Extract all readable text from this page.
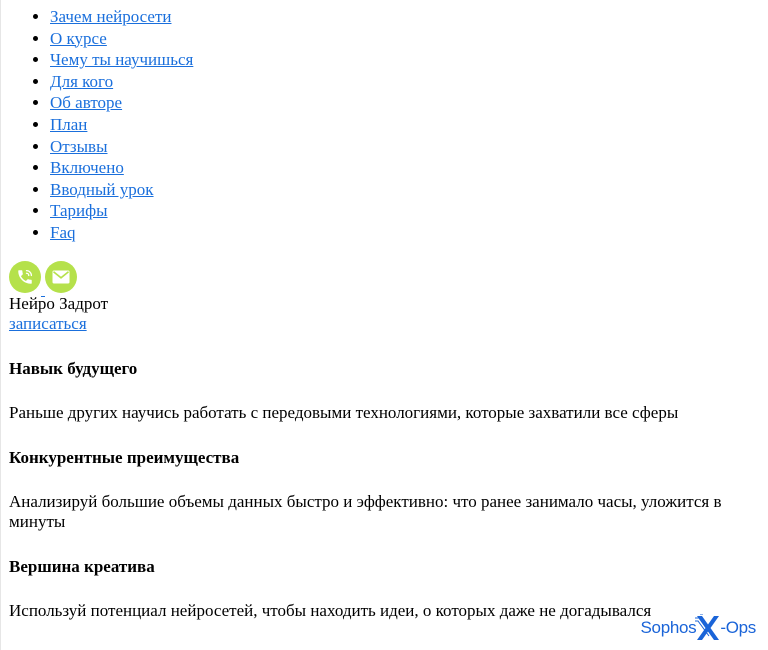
• Зачем нейросети
• О курсе
• Чему ты научишься
• Для кого
• Об авторе
• План
• Отзывы
• Включено
• Вводный урок
• Тарифы
• Faq
Нейро Задрот
записаться
Навык будущего

Раньше других научись работать с передовыми технологиями, которые захватили все сферы

Конкурентные преимущества

Анализируй большие объемы данных быстро и эффективно: что ранее занимало часы, уложится в минуты

Вершина креатива

Используй потенциал нейросетей, чтобы находить идеи, о которых даже не догадывался

Sophos -Ops
